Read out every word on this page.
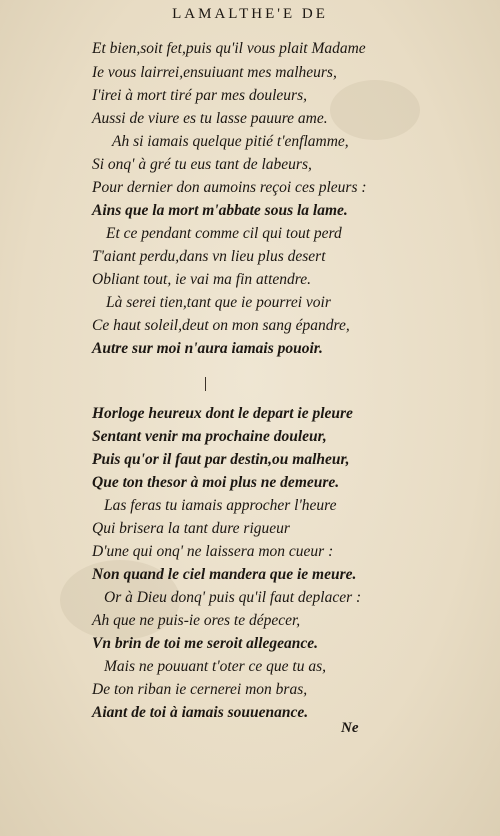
LAMALTHE'E DE
Et bien,soit fet,puis qu'il vous plait Madame
Ie vous lairrei,ensuiuant mes malheurs,
I'irei à mort tiré par mes douleurs,
Aussi de viure es tu lasse pauure ame.
Ah si iamais quelque pitié t'enflamme,
Si onq' à gré tu eus tant de labeurs,
Pour dernier don aumoins reçoi ces pleurs :
Ains que la mort m'abbate sous la lame.
Et ce pendant comme cil qui tout perd
T'aiant perdu,dans vn lieu plus desert
Obliant tout, ie vai ma fin attendre.
Là serei tien,tant que ie pourrei voir
Ce haut soleil,deut on mon sang épandre,
Autre sur moi n'aura iamais pouoir.
Horloge heureux dont le depart ie pleure
Sentant venir ma prochaine douleur,
Puis qu'or il faut par destin,ou malheur,
Que ton thesor à moi plus ne demeure.
Las feras tu iamais approcher l'heure
Qui brisera la tant dure rigueur
D'une qui onq' ne laissera mon cueur :
Non quand le ciel mandera que ie meure.
Or à Dieu donq' puis qu'il faut deplacer :
Ah que ne puis-ie ores te dépecer,
Vn brin de toi me seroit allegeance.
Mais ne pouuant t'oter ce que tu as,
De ton riban ie cernerei mon bras,
Aiant de toi à iamais souuenance.
Ne
